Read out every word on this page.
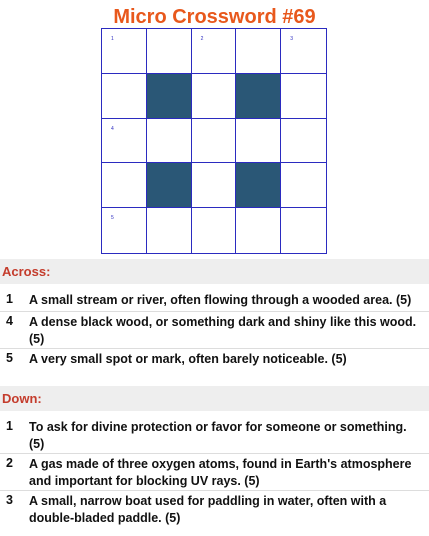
Micro Crossword #69
1	2	3
4
5
Across:
1 A small stream or river, often flowing through a wooded area. (5)
4 A dense black wood, or something dark and shiny like this wood. (5)
5 A very small spot or mark, often barely noticeable. (5)
Down:
1 To ask for divine protection or favor for someone or something. (5)
2 A gas made of three oxygen atoms, found in Earth's atmosphere and important for blocking UV rays. (5)
3 A small, narrow boat used for paddling in water, often with a double-bladed paddle. (5)
